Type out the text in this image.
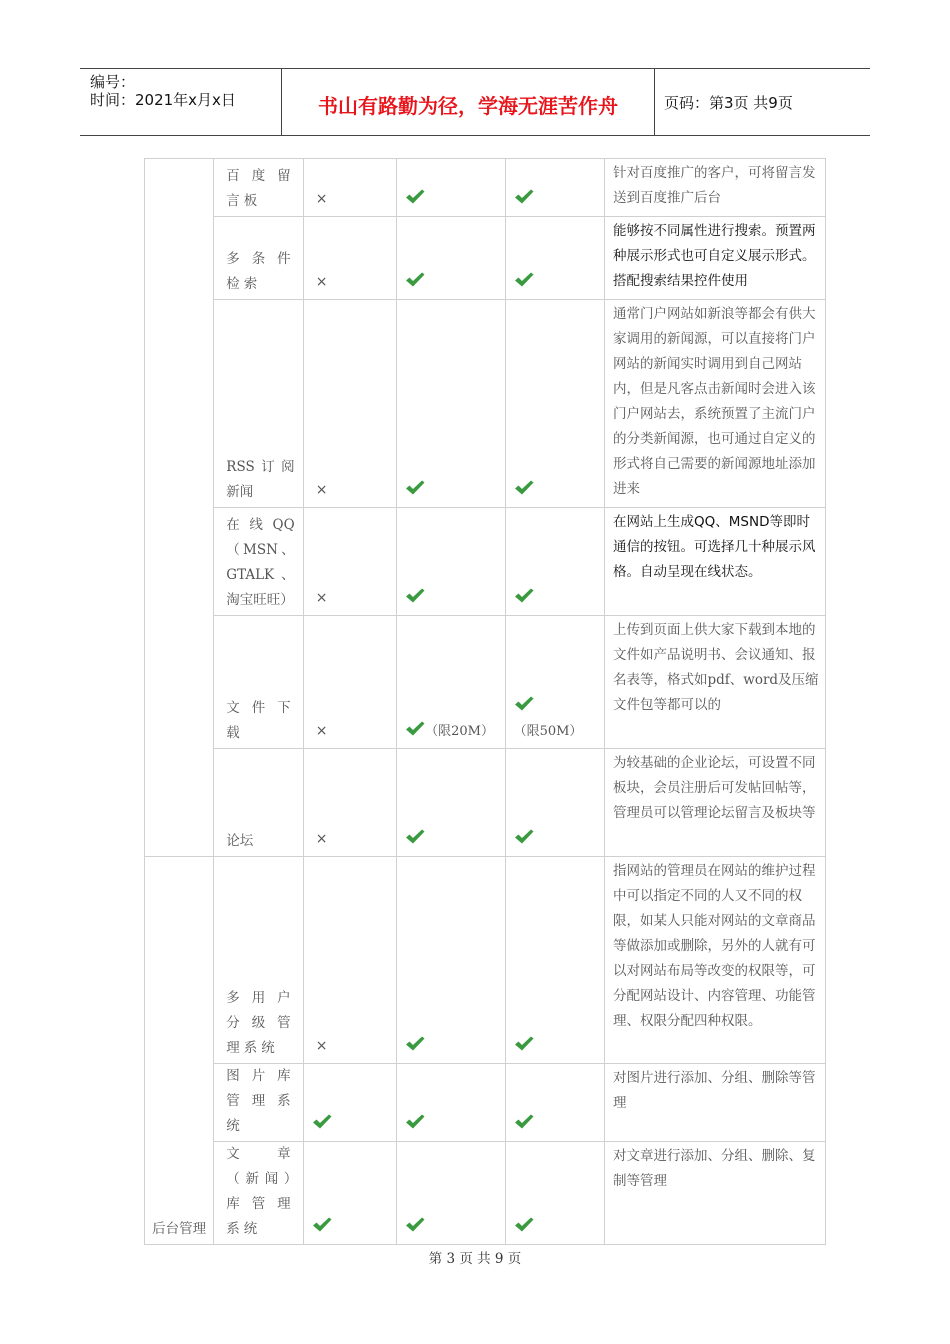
编号：
时间：2021年x月x日	书山有路勤为径，学海无涯苦作舟	页码：第3页 共9页
	百度留言板	×			针对百度推广的客户，可将留言发送到百度推广后台

	多条件检索	×			能够按不同属性进行搜索。预置两种展示形式也可自定义展示形式。搭配搜索结果控件使用

	RSS订阅新闻	×			通常门户网站如新浪等都会有供大家调用的新闻源，可以直接将门户网站的新闻实时调用到自己网站内，但是凡客点击新闻时会进入该门户网站去，系统预置了主流门户的分类新闻源，也可通过自定义的形式将自己需要的新闻源地址添加进来

	在线QQ（MSN、GTALK、淘宝旺旺）	×			在网站上生成QQ、MSND等即时通信的按钮。可选择几十种展示风格。自动呈现在线状态。

	文件下载	×	（限20M）	（限50M）	上传到页面上供大家下载到本地的文件如产品说明书、会议通知、报名表等，格式如pdf、word及压缩文件包等都可以的

	论坛	×			为较基础的企业论坛，可设置不同板块，会员注册后可发帖回帖等，管理员可以管理论坛留言及板块等

后台管理	多用户分级管理系统	×			指网站的管理员在网站的维护过程中可以指定不同的人又不同的权限，如某人只能对网站的文章商品等做添加或删除，另外的人就有可以对网站布局等改变的权限等，可分配网站设计、内容管理、功能管理、权限分配四种权限。

	图片库管理系统				对图片进行添加、分组、删除等管理

	文章（新闻）库管理系统				对文章进行添加、分组、删除、复制等管理
第 3 页 共 9 页
